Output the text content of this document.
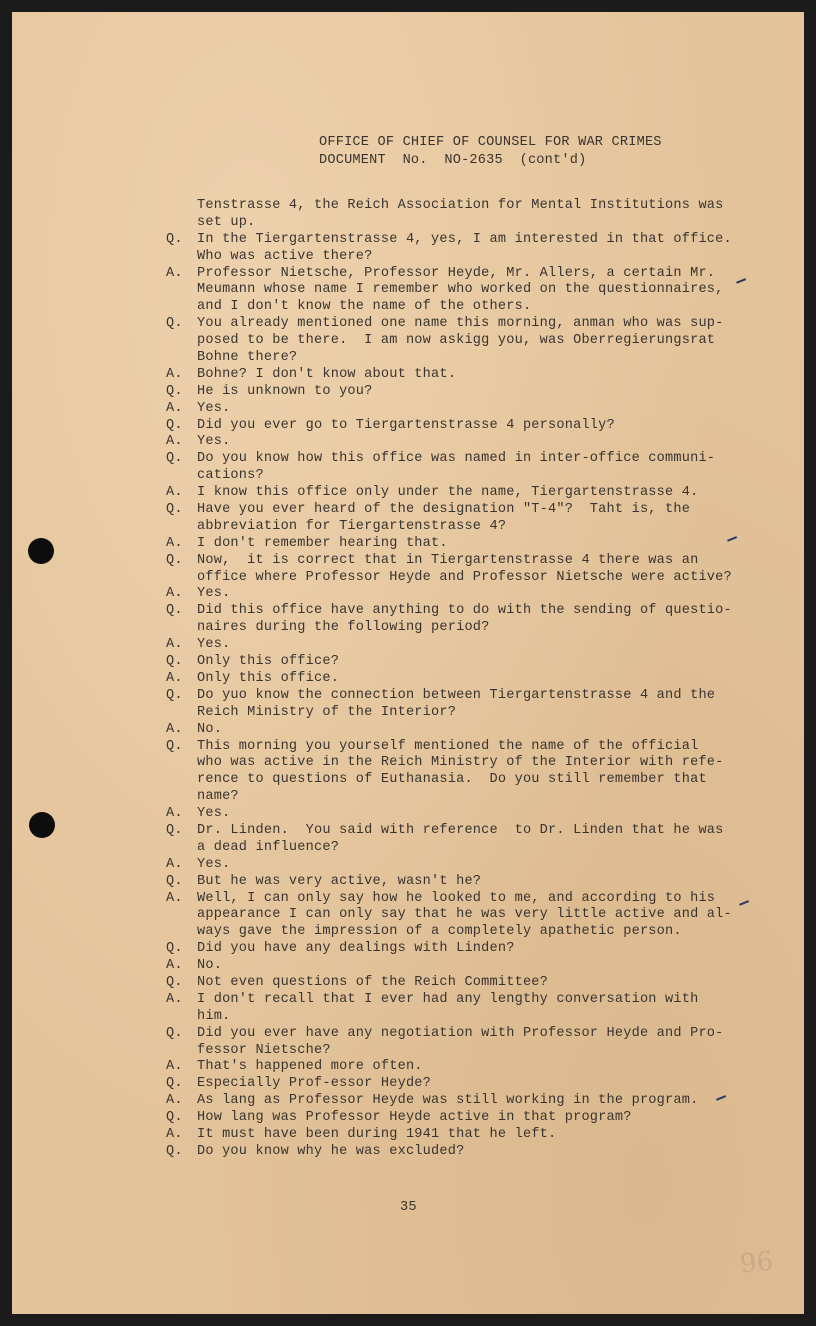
OFFICE OF CHIEF OF COUNSEL FOR WAR CRIMES
DOCUMENT  No.  NO-2635  (cont'd)
Tenstrasse 4, the Reich Association for Mental Institutions was
set up.
Q.	In the Tiergartenstrasse 4, yes, I am interested in that office.
Who was active there?
A.	Professor Nietsche, Professor Heyde, Mr. Allers, a certain Mr.
Meumann whose name I remember who worked on the questionnaires,
and I don't know the name of the others.
Q.	You already mentioned one name this morning, anman who was sup-
posed to be there.  I am now askigg you, was Oberregierungsrat
Bohne there?
A.	Bohne? I don't know about that.
Q.	He is unknown to you?
A.	Yes.
Q.	Did you ever go to Tiergartenstrasse 4 personally?
A.	Yes.
Q.	Do you know how this office was named in inter-office communi-
cations?
A.	I know this office only under the name, Tiergartenstrasse 4.
Q.	Have you ever heard of the designation "T-4"?  Taht is, the
abbreviation for Tiergartenstrasse 4?
A.	I don't remember hearing that.
Q.	Now,  it is correct that in Tiergartenstrasse 4 there was an
office where Professor Heyde and Professor Nietsche were active?
A.	Yes.
Q.	Did this office have anything to do with the sending of questio-
naires during the following period?
A.	Yes.
Q.	Only this office?
A.	Only this office.
Q.	Do yuo know the connection between Tiergartenstrasse 4 and the
Reich Ministry of the Interior?
A.	No.
Q.	This morning you yourself mentioned the name of the official
who was active in the Reich Ministry of the Interior with refe-
rence to questions of Euthanasia.  Do you still remember that
name?
A.	Yes.
Q.	Dr. Linden.  You said with reference  to Dr. Linden that he was
a dead influence?
A.	Yes.
Q.	But he was very active, wasn't he?
A.	Well, I can only say how he looked to me, and according to his
appearance I can only say that he was very little active and al-
ways gave the impression of a completely apathetic person.
Q.	Did you have any dealings with Linden?
A.	No.
Q.	Not even questions of the Reich Committee?
A.	I don't recall that I ever had any lengthy conversation with
him.
Q.	Did you ever have any negotiation with Professor Heyde and Pro-
fessor Nietsche?
A.	That's happened more often.
Q.	Especially Prof-essor Heyde?
A.	As lang as Professor Heyde was still working in the program.
Q.	How lang was Professor Heyde active in that program?
A.	It must have been during 1941 that he left.
Q.	Do you know why he was excluded?
35
96
